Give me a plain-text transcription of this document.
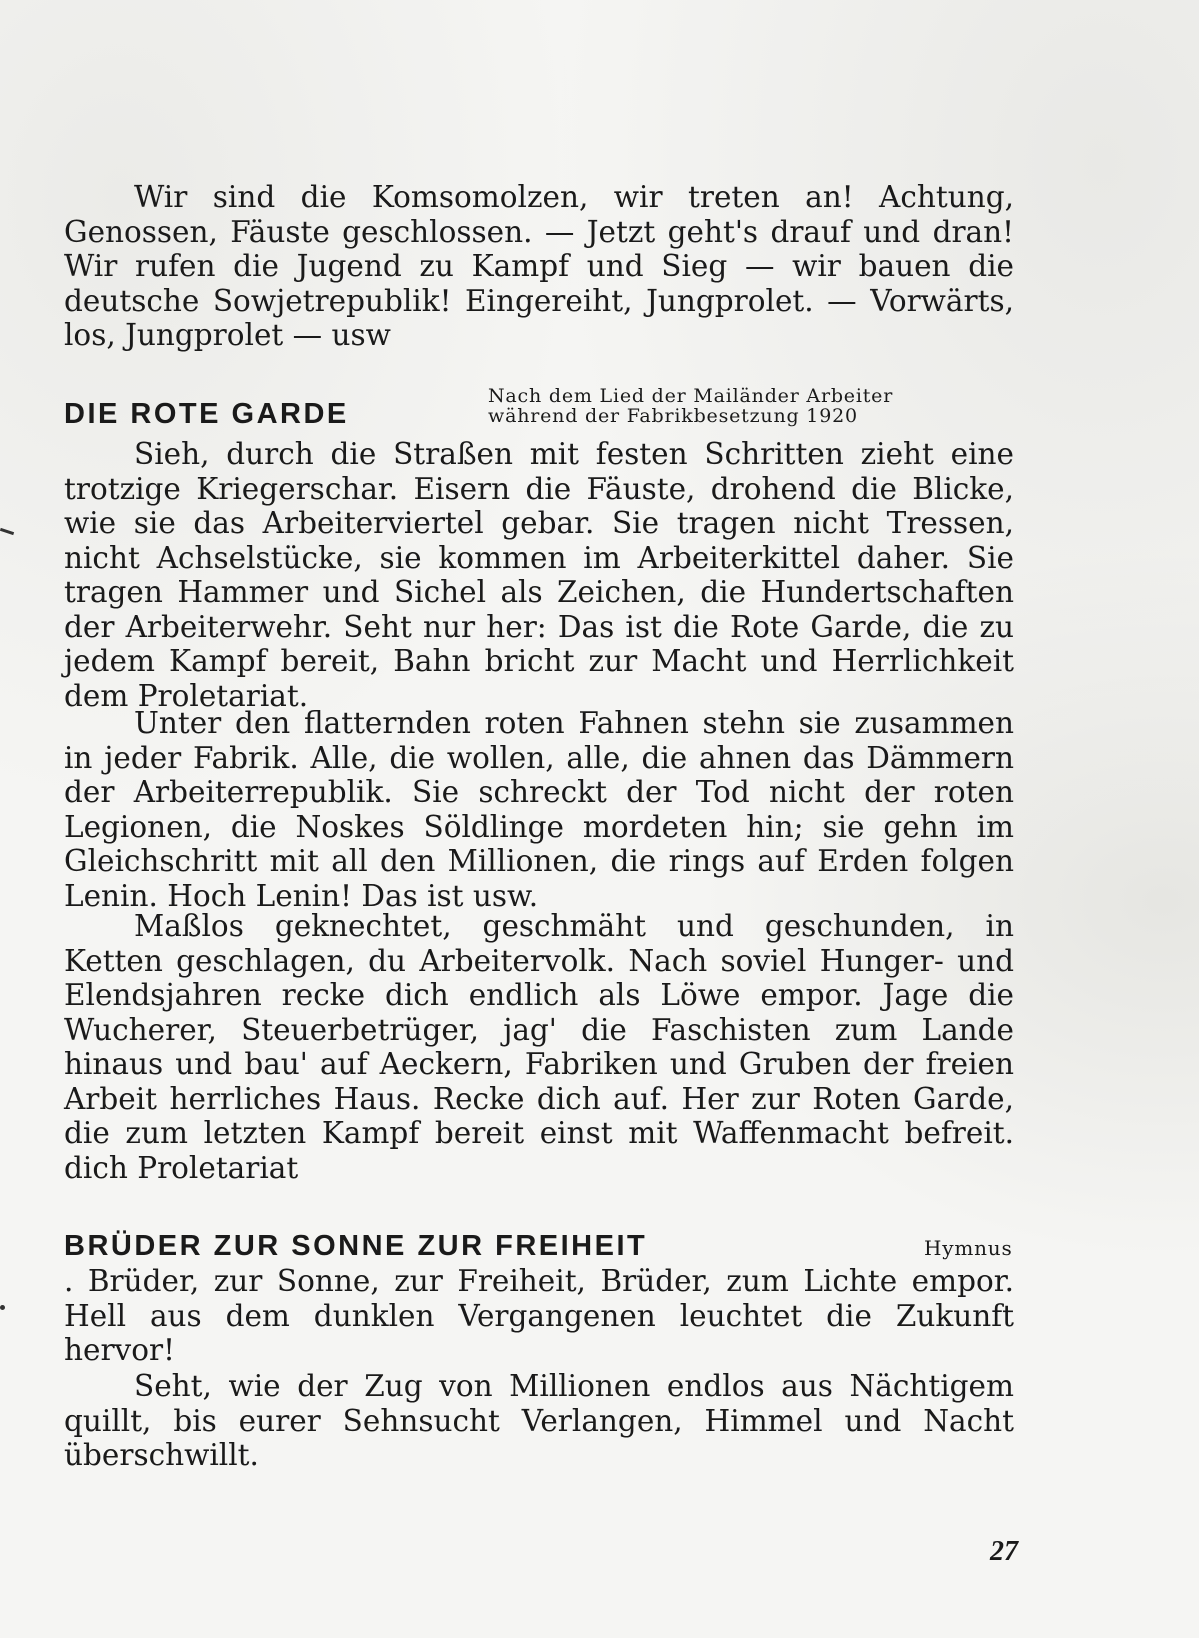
Wir sind die Komsomolzen, wir treten an! Achtung, Genossen, Fäuste geschlossen. — Jetzt geht's drauf und dran! Wir rufen die Jugend zu Kampf und Sieg — wir bauen die deutsche Sowjetrepublik! Eingereiht, Jungprolet. — Vorwärts, los, Jungprolet — usw

DIE ROTE GARDE
Nach dem Lied der Mailänder Arbeiter
während der Fabrikbesetzung 1920

Sieh, durch die Straßen mit festen Schritten zieht eine trotzige Kriegerschar. Eisern die Fäuste, drohend die Blicke, wie sie das Arbeiterviertel gebar. Sie tragen nicht Tressen, nicht Achselstücke, sie kommen im Arbeiterkittel daher. Sie tragen Hammer und Sichel als Zeichen, die Hundertschaften der Arbeiterwehr. Seht nur her: Das ist die Rote Garde, die zu jedem Kampf bereit, Bahn bricht zur Macht und Herrlichkeit dem Proletariat.

Unter den flatternden roten Fahnen stehn sie zusammen in jeder Fabrik. Alle, die wollen, alle, die ahnen das Dämmern der Arbeiterrepublik. Sie schreckt der Tod nicht der roten Legionen, die Noskes Söldlinge mordeten hin; sie gehn im Gleichschritt mit all den Millionen, die rings auf Erden folgen Lenin. Hoch Lenin! Das ist usw.

Maßlos geknechtet, geschmäht und geschunden, in Ketten geschlagen, du Arbeitervolk. Nach soviel Hunger- und Elendsjahren recke dich endlich als Löwe empor. Jage die Wucherer, Steuerbetrüger, jag' die Faschisten zum Lande hinaus und bau' auf Aeckern, Fabriken und Gruben der freien Arbeit herrliches Haus. Recke dich auf. Her zur Roten Garde, die zum letzten Kampf bereit einst mit Waffenmacht befreit. dich Proletariat

BRÜDER ZUR SONNE ZUR FREIHEIT	Hymnus

. Brüder, zur Sonne, zur Freiheit, Brüder, zum Lichte empor. Hell aus dem dunklen Vergangenen leuchtet die Zukunft hervor!

Seht, wie der Zug von Millionen endlos aus Nächtigem quillt, bis eurer Sehnsucht Verlangen, Himmel und Nacht überschwillt.

27
